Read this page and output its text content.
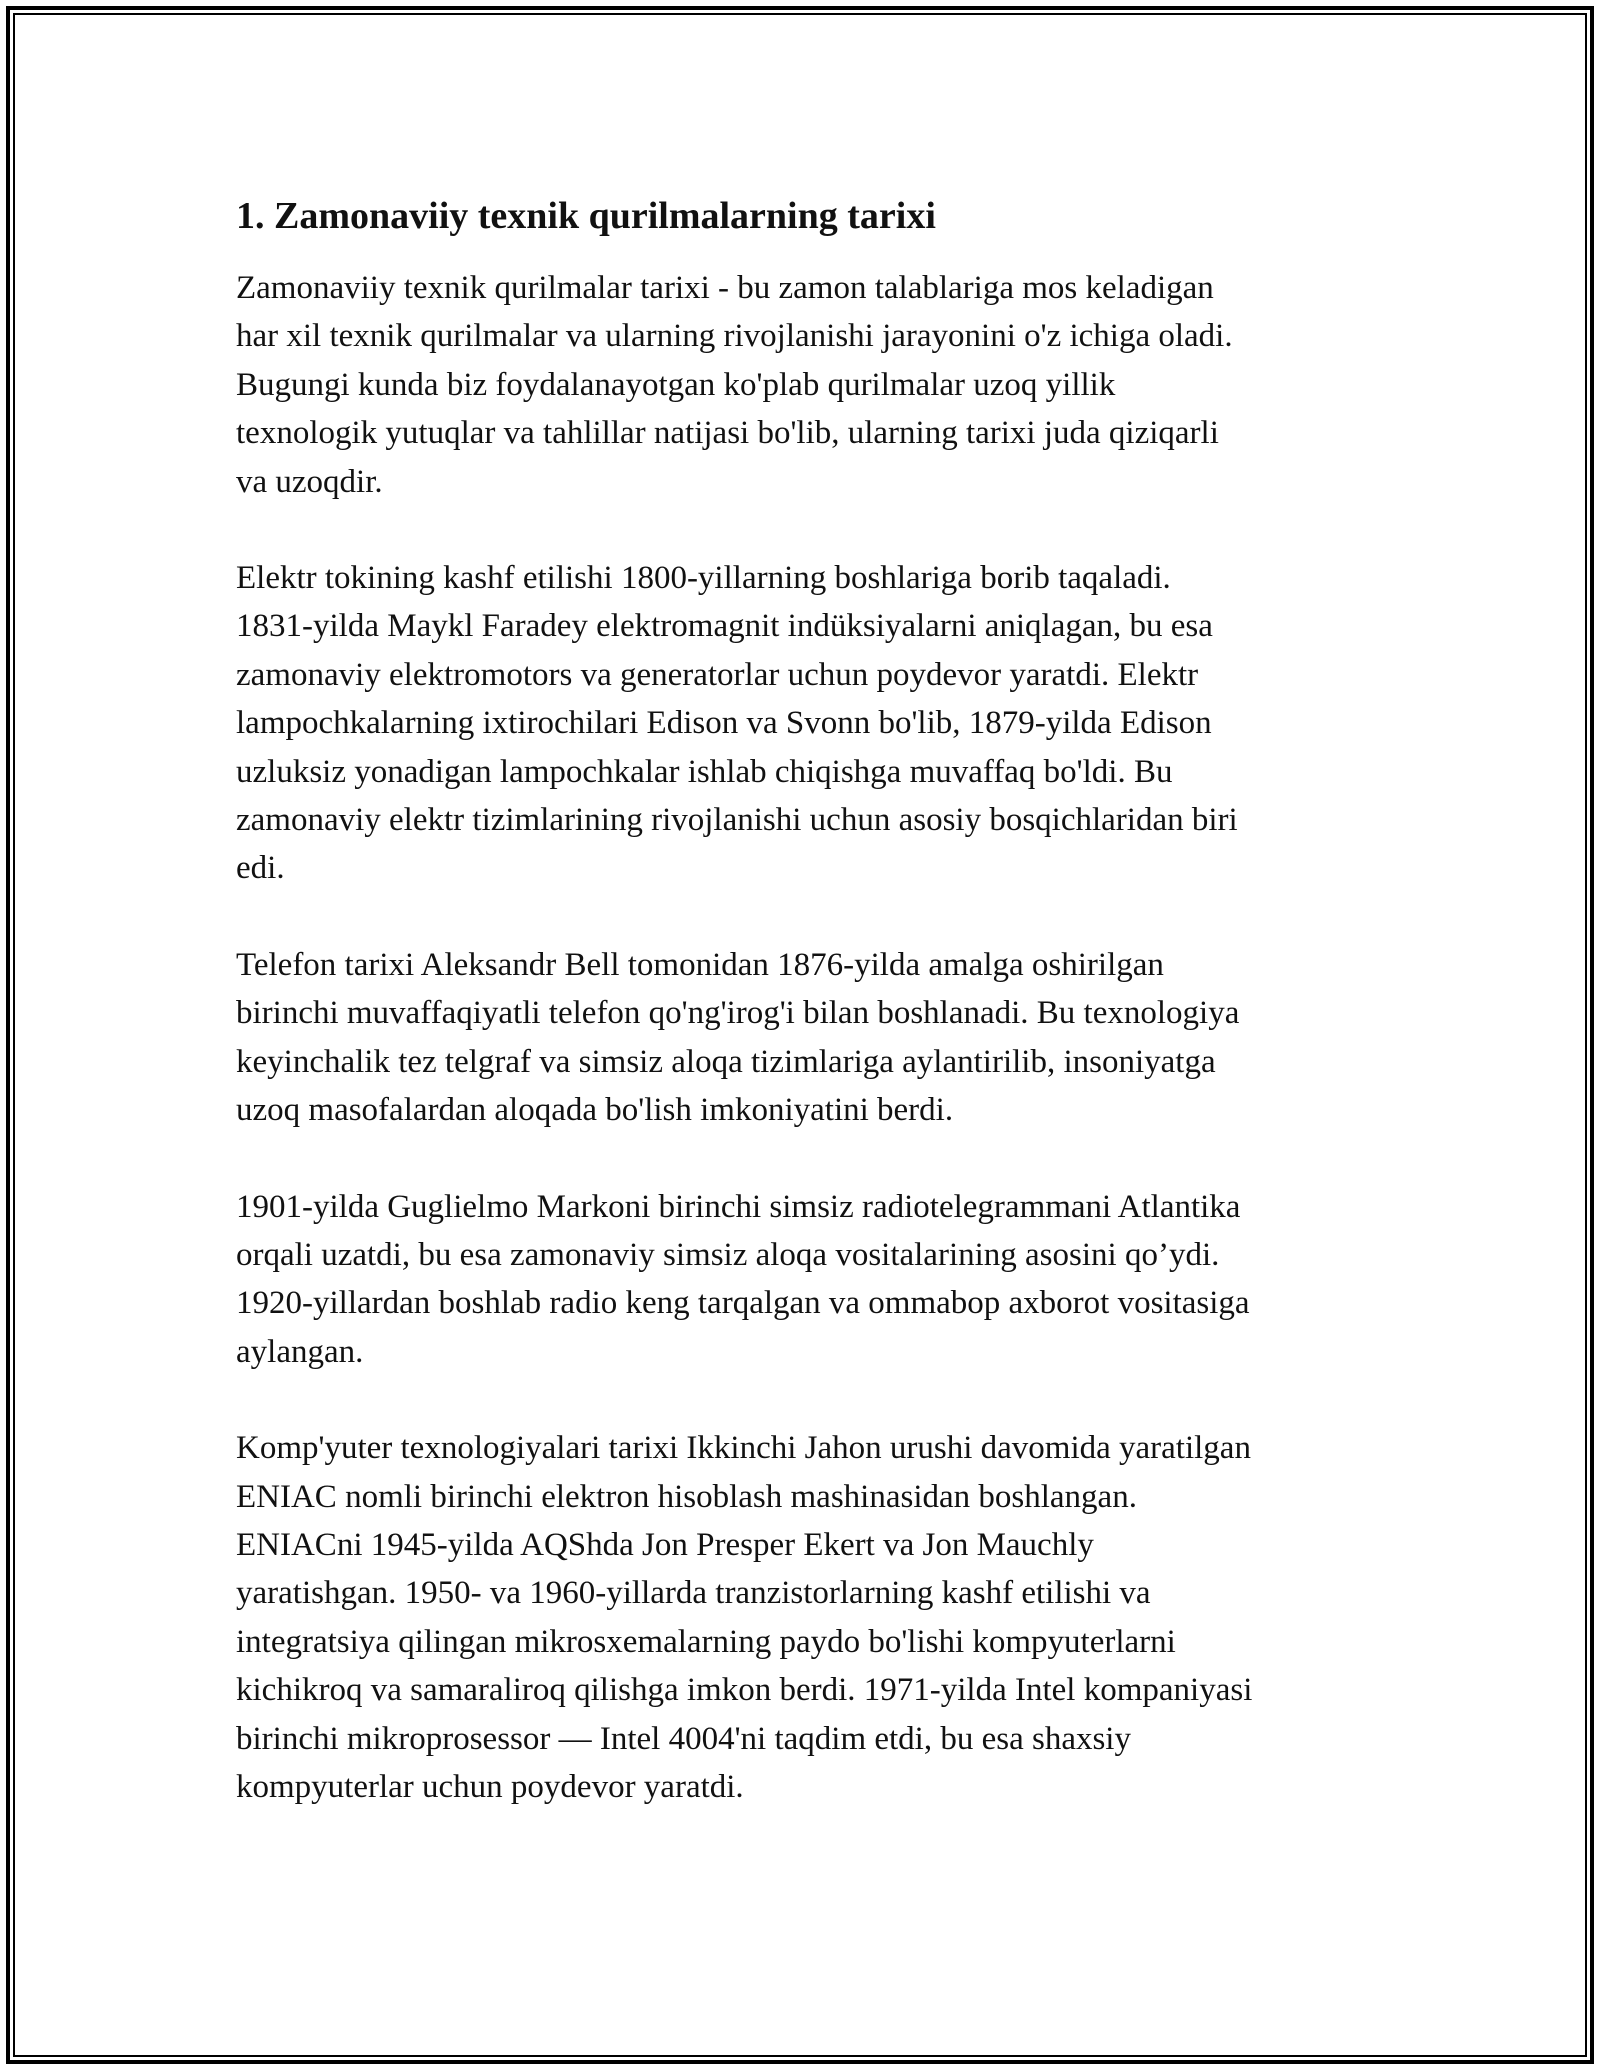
1. Zamonaviiy texnik qurilmalarning tarixi

Zamonaviiy texnik qurilmalar tarixi - bu zamon talablariga mos keladigan
har xil texnik qurilmalar va ularning rivojlanishi jarayonini o'z ichiga oladi.
Bugungi kunda biz foydalanayotgan ko'plab qurilmalar uzoq yillik
texnologik yutuqlar va tahlillar natijasi bo'lib, ularning tarixi juda qiziqarli
va uzoqdir.

Elektr tokining kashf etilishi 1800-yillarning boshlariga borib taqaladi.
1831-yilda Maykl Faradey elektromagnit indüksiyalarni aniqlagan, bu esa
zamonaviy elektromotors va generatorlar uchun poydevor yaratdi. Elektr
lampochkalarning ixtirochilari Edison va Svonn bo'lib, 1879-yilda Edison
uzluksiz yonadigan lampochkalar ishlab chiqishga muvaffaq bo'ldi. Bu
zamonaviy elektr tizimlarining rivojlanishi uchun asosiy bosqichlaridan biri
edi.

Telefon tarixi Aleksandr Bell tomonidan 1876-yilda amalga oshirilgan
birinchi muvaffaqiyatli telefon qo'ng'irog'i bilan boshlanadi. Bu texnologiya
keyinchalik tez telgraf va simsiz aloqa tizimlariga aylantirilib, insoniyatga
uzoq masofalardan aloqada bo'lish imkoniyatini berdi.

1901-yilda Guglielmo Markoni birinchi simsiz radiotelegrammani Atlantika
orqali uzatdi, bu esa zamonaviy simsiz aloqa vositalarining asosini qo’ydi.
1920-yillardan boshlab radio keng tarqalgan va ommabop axborot vositasiga
aylangan.

Komp'yuter texnologiyalari tarixi Ikkinchi Jahon urushi davomida yaratilgan
ENIAC nomli birinchi elektron hisoblash mashinasidan boshlangan.
ENIACni 1945-yilda AQShda Jon Presper Ekert va Jon Mauchly
yaratishgan. 1950- va 1960-yillarda tranzistorlarning kashf etilishi va
integratsiya qilingan mikrosxemalarning paydo bo'lishi kompyuterlarni
kichikroq va samaraliroq qilishga imkon berdi. 1971-yilda Intel kompaniyasi
birinchi mikroprosessor — Intel 4004'ni taqdim etdi, bu esa shaxsiy
kompyuterlar uchun poydevor yaratdi.
